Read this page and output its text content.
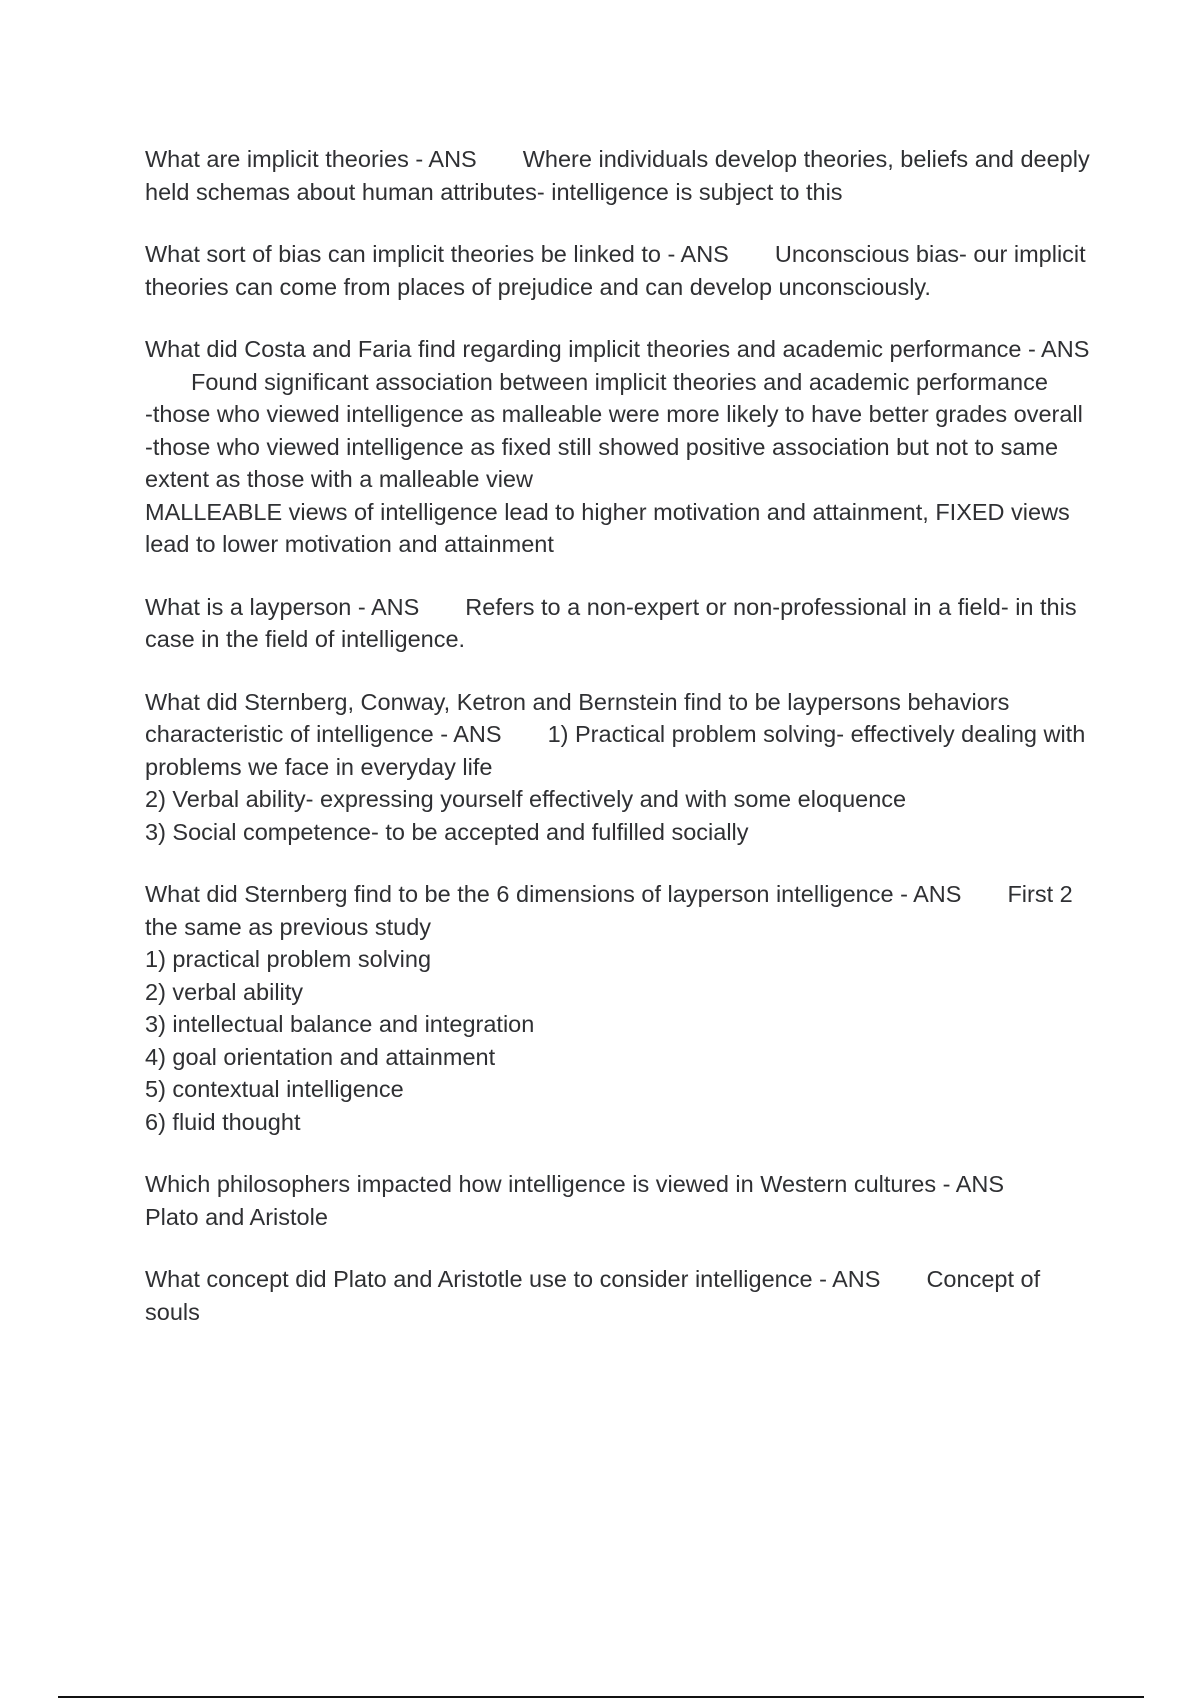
What are implicit theories - ANS Where individuals develop theories, beliefs and deeply held schemas about human attributes- intelligence is subject to this

What sort of bias can implicit theories be linked to - ANS Unconscious bias- our implicit theories can come from places of prejudice and can develop unconsciously.

What did Costa and Faria find regarding implicit theories and academic performance - ANSFound significant association between implicit theories and academic performance
-those who viewed intelligence as malleable were more likely to have better grades overall
-those who viewed intelligence as fixed still showed positive association but not to same extent as those with a malleable view
MALLEABLE views of intelligence lead to higher motivation and attainment, FIXED views lead to lower motivation and attainment

What is a layperson - ANS Refers to a non-expert or non-professional in a field- in this case in the field of intelligence.

What did Sternberg, Conway, Ketron and Bernstein find to be laypersons behaviors characteristic of intelligence - ANS 1) Practical problem solving- effectively dealing with problems we face in everyday life
2) Verbal ability- expressing yourself effectively and with some eloquence
3) Social competence- to be accepted and fulfilled socially

What did Sternberg find to be the 6 dimensions of layperson intelligence - ANS First 2 the same as previous study
1) practical problem solving
2) verbal ability
3) intellectual balance and integration
4) goal orientation and attainment
5) contextual intelligence
6) fluid thought

Which philosophers impacted how intelligence is viewed in Western cultures - ANSPlato and Aristole

What concept did Plato and Aristotle use to consider intelligence - ANS Concept of souls
